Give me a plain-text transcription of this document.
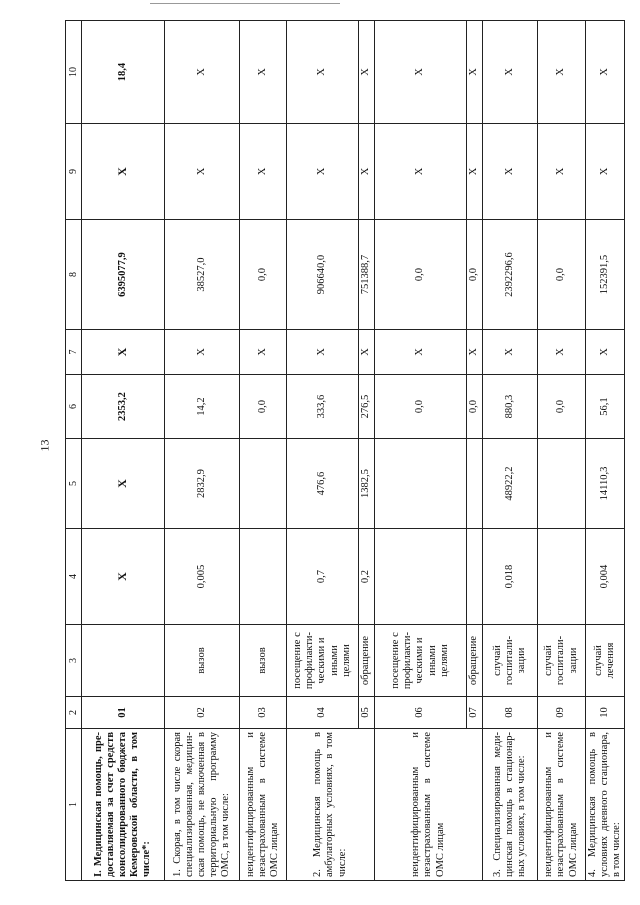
13
1	2	3	4	5	6	7	8	9	10
I. Медицинская помощь, пре-доставляемая за счет средств консолидированного бюджета Кемеровской области, в том числе*:	01		X	X	2353,2	X	6395077,9	X	18,4
1. Скорая, в том числе скорая специализированная, медицин-ская помощь, не включенная в территориальную программу ОМС, в том числе:	02	вызов	0,005	2832,9	14,2	X	38527,0	X	X
неидентифицированным и незастрахованным в системе ОМС лицам	03	вызов			0,0	X	0,0	X	X
2. Медицинская помощь в амбулаторных условиях, в том числе:	04	посещение с профилакти-ческими и иными целями	0,7	476,6	333,6	X	906640,0	X	X
	05	обращение	0,2	1382,5	276,5	X	751388,7	X	X
неидентифицированным и незастрахованным в системе ОМС лицам	06	посещение с профилакти-ческими и иными целями			0,0	X	0,0	X	X
	07	обращение			0,0	X	0,0	X	X
3. Специализированная меди-цинская помощь в стационар-ных условиях, в том числе:	08	случай госпитали-зации	0,018	48922,2	880,3	X	2392296,6	X	X
неидентифицированным и незастрахованным в системе ОМС лицам	09	случай госпитали-зации			0,0	X	0,0	X	X
4. Медицинская помощь в условиях дневного стационара, в том числе:	10	случай лечения	0,004	14110,3	56,1	X	152391,5	X	X
